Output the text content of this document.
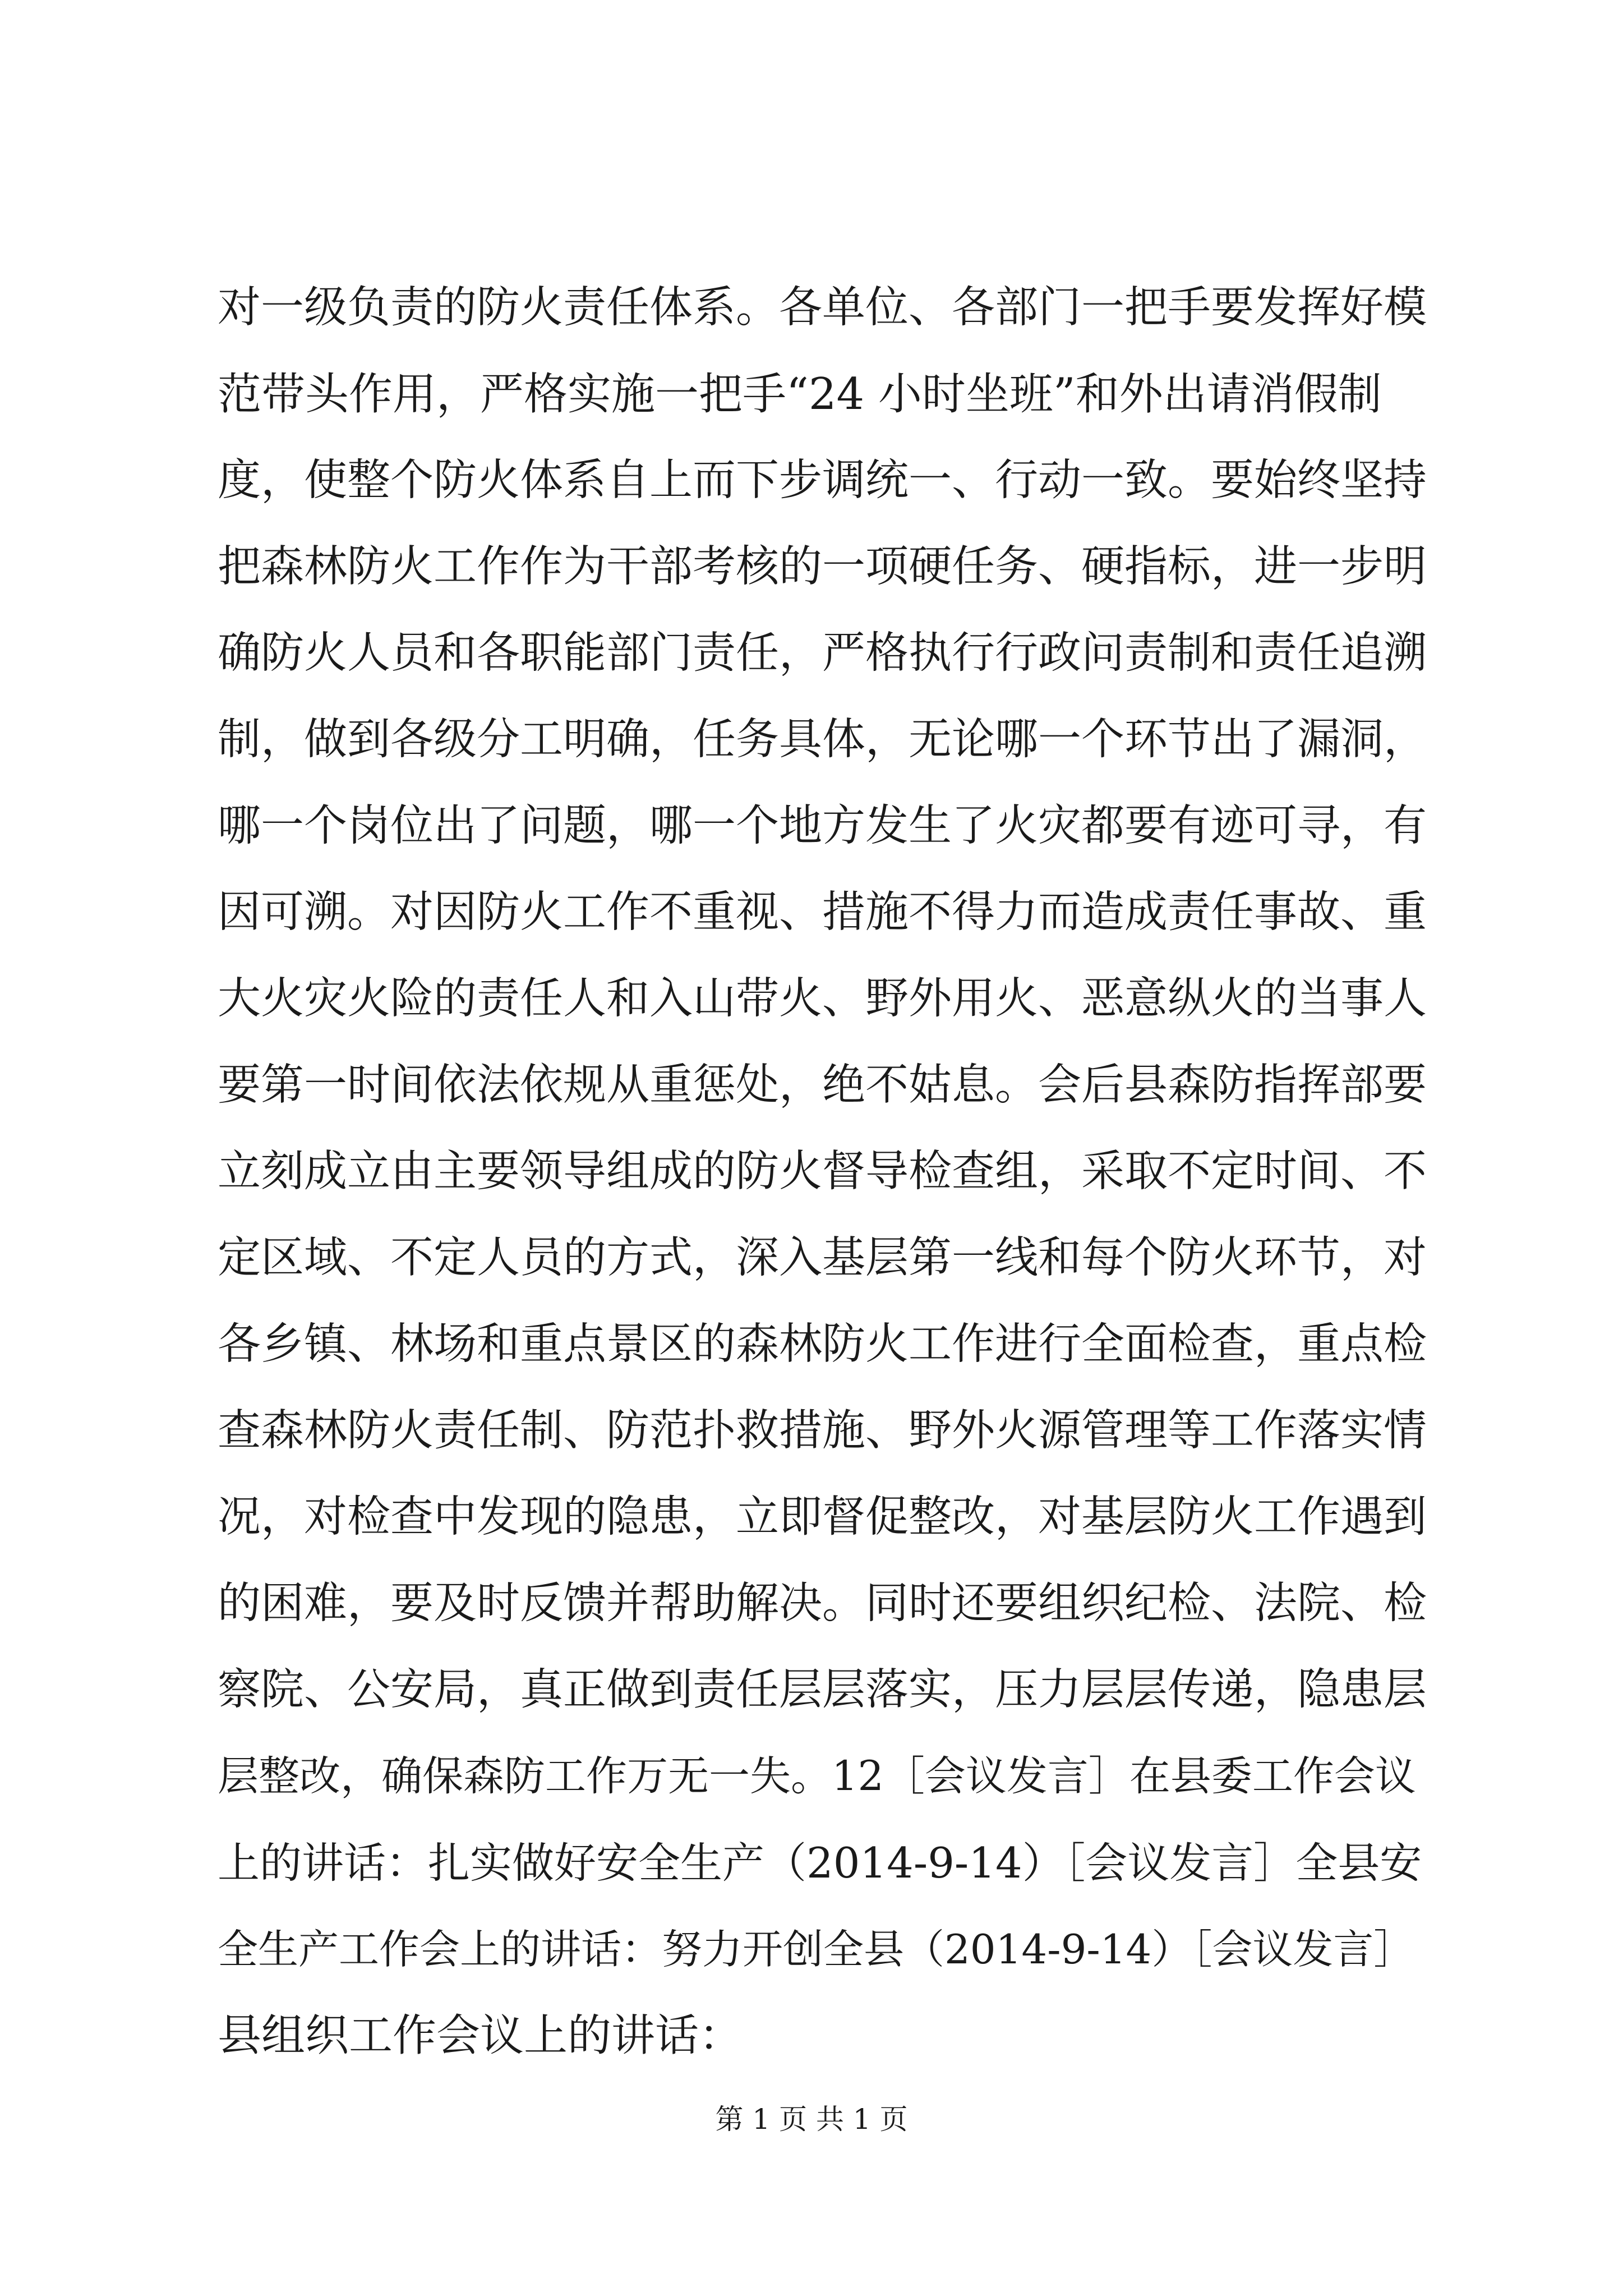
对一级负责的防火责任体系。各单位、各部门一把手要发挥好模
范带头作用，严格实施一把手“24 小时坐班”和外出请消假制
度，使整个防火体系自上而下步调统一、行动一致。要始终坚持
把森林防火工作作为干部考核的一项硬任务、硬指标，进一步明
确防火人员和各职能部门责任，严格执行行政问责制和责任追溯
制，做到各级分工明确，任务具体，无论哪一个环节出了漏洞，
哪一个岗位出了问题，哪一个地方发生了火灾都要有迹可寻，有
因可溯。对因防火工作不重视、措施不得力而造成责任事故、重
大火灾火险的责任人和入山带火、野外用火、恶意纵火的当事人
要第一时间依法依规从重惩处，绝不姑息。会后县森防指挥部要
立刻成立由主要领导组成的防火督导检查组，采取不定时间、不
定区域、不定人员的方式，深入基层第一线和每个防火环节，对
各乡镇、林场和重点景区的森林防火工作进行全面检查，重点检
查森林防火责任制、防范扑救措施、野外火源管理等工作落实情
况，对检查中发现的隐患，立即督促整改，对基层防火工作遇到
的困难，要及时反馈并帮助解决。同时还要组织纪检、法院、检
察院、公安局，真正做到责任层层落实，压力层层传递，隐患层
层整改，确保森防工作万无一失。12［会议发言］在县委工作会议
上的讲话：扎实做好安全生产（2014-9-14）［会议发言］全县安
全生产工作会上的讲话：努力开创全县（2014-9-14）［会议发言］
县组织工作会议上的讲话：
第 1 页 共 1 页
